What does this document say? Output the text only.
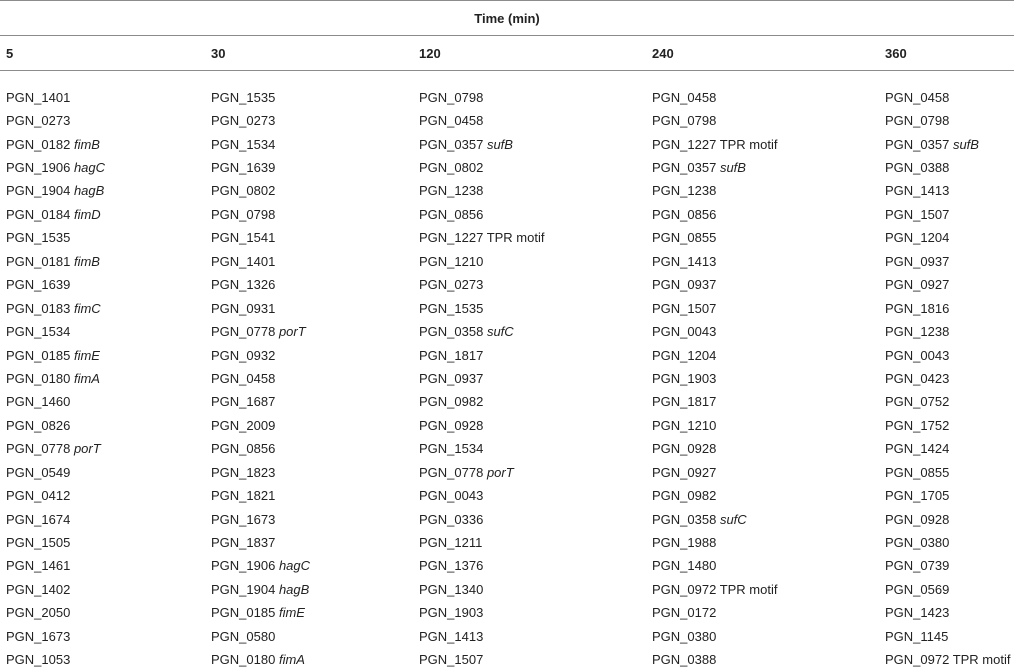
Time (min)				
5	30	120	240	360

PGN_1401	PGN_1535	PGN_0798	PGN_0458	PGN_0458
PGN_0273	PGN_0273	PGN_0458	PGN_0798	PGN_0798
PGN_0182 fimB	PGN_1534	PGN_0357 sufB	PGN_1227 TPR motif	PGN_0357 sufB
PGN_1906 hagC	PGN_1639	PGN_0802	PGN_0357 sufB	PGN_0388
PGN_1904 hagB	PGN_0802	PGN_1238	PGN_1238	PGN_1413
PGN_0184 fimD	PGN_0798	PGN_0856	PGN_0856	PGN_1507
PGN_1535	PGN_1541	PGN_1227 TPR motif	PGN_0855	PGN_1204
PGN_0181 fimB	PGN_1401	PGN_1210	PGN_1413	PGN_0937
PGN_1639	PGN_1326	PGN_0273	PGN_0937	PGN_0927
PGN_0183 fimC	PGN_0931	PGN_1535	PGN_1507	PGN_1816
PGN_1534	PGN_0778 porT	PGN_0358 sufC	PGN_0043	PGN_1238
PGN_0185 fimE	PGN_0932	PGN_1817	PGN_1204	PGN_0043
PGN_0180 fimA	PGN_0458	PGN_0937	PGN_1903	PGN_0423
PGN_1460	PGN_1687	PGN_0982	PGN_1817	PGN_0752
PGN_0826	PGN_2009	PGN_0928	PGN_1210	PGN_1752
PGN_0778 porT	PGN_0856	PGN_1534	PGN_0928	PGN_1424
PGN_0549	PGN_1823	PGN_0778 porT	PGN_0927	PGN_0855
PGN_0412	PGN_1821	PGN_0043	PGN_0982	PGN_1705
PGN_1674	PGN_1673	PGN_0336	PGN_0358 sufC	PGN_0928
PGN_1505	PGN_1837	PGN_1211	PGN_1988	PGN_0380
PGN_1461	PGN_1906 hagC	PGN_1376	PGN_1480	PGN_0739
PGN_1402	PGN_1904 hagB	PGN_1340	PGN_0972 TPR motif	PGN_0569
PGN_2050	PGN_0185 fimE	PGN_1903	PGN_0172	PGN_1423
PGN_1673	PGN_0580	PGN_1413	PGN_0380	PGN_1145
PGN_1053	PGN_0180 fimA	PGN_1507	PGN_0388	PGN_0972 TPR motif
